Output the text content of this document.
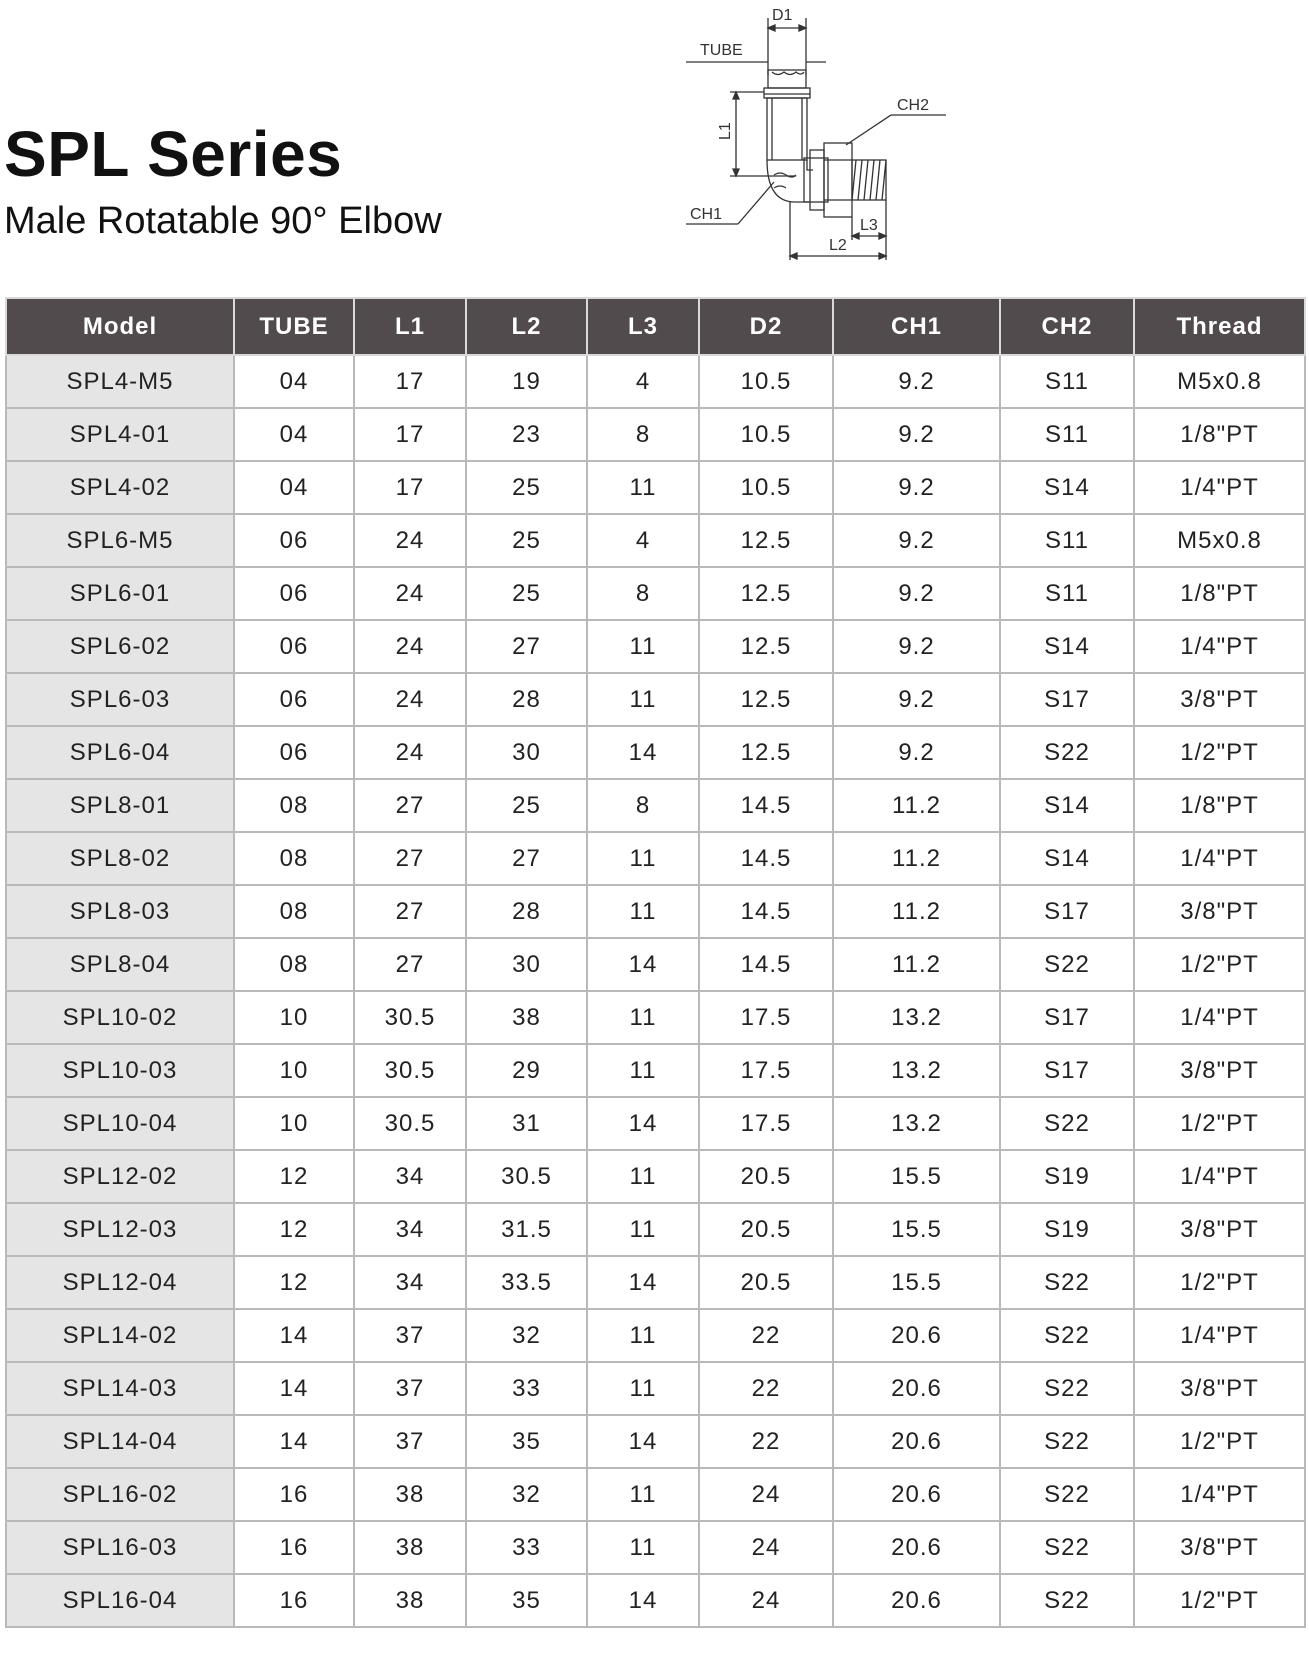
SPL Series
Male Rotatable 90° Elbow
D1
TUBE
L1
CH2
CH1
L3
L2
Model	TUBE	L1	L2	L3	D2	CH1	CH2	Thread
SPL4-M5	04	17	19	4	10.5	9.2	S11	M5x0.8
SPL4-01	04	17	23	8	10.5	9.2	S11	1/8"PT
SPL4-02	04	17	25	11	10.5	9.2	S14	1/4"PT
SPL6-M5	06	24	25	4	12.5	9.2	S11	M5x0.8
SPL6-01	06	24	25	8	12.5	9.2	S11	1/8"PT
SPL6-02	06	24	27	11	12.5	9.2	S14	1/4"PT
SPL6-03	06	24	28	11	12.5	9.2	S17	3/8"PT
SPL6-04	06	24	30	14	12.5	9.2	S22	1/2"PT
SPL8-01	08	27	25	8	14.5	11.2	S14	1/8"PT
SPL8-02	08	27	27	11	14.5	11.2	S14	1/4"PT
SPL8-03	08	27	28	11	14.5	11.2	S17	3/8"PT
SPL8-04	08	27	30	14	14.5	11.2	S22	1/2"PT
SPL10-02	10	30.5	38	11	17.5	13.2	S17	1/4"PT
SPL10-03	10	30.5	29	11	17.5	13.2	S17	3/8"PT
SPL10-04	10	30.5	31	14	17.5	13.2	S22	1/2"PT
SPL12-02	12	34	30.5	11	20.5	15.5	S19	1/4"PT
SPL12-03	12	34	31.5	11	20.5	15.5	S19	3/8"PT
SPL12-04	12	34	33.5	14	20.5	15.5	S22	1/2"PT
SPL14-02	14	37	32	11	22	20.6	S22	1/4"PT
SPL14-03	14	37	33	11	22	20.6	S22	3/8"PT
SPL14-04	14	37	35	14	22	20.6	S22	1/2"PT
SPL16-02	16	38	32	11	24	20.6	S22	1/4"PT
SPL16-03	16	38	33	11	24	20.6	S22	3/8"PT
SPL16-04	16	38	35	14	24	20.6	S22	1/2"PT
